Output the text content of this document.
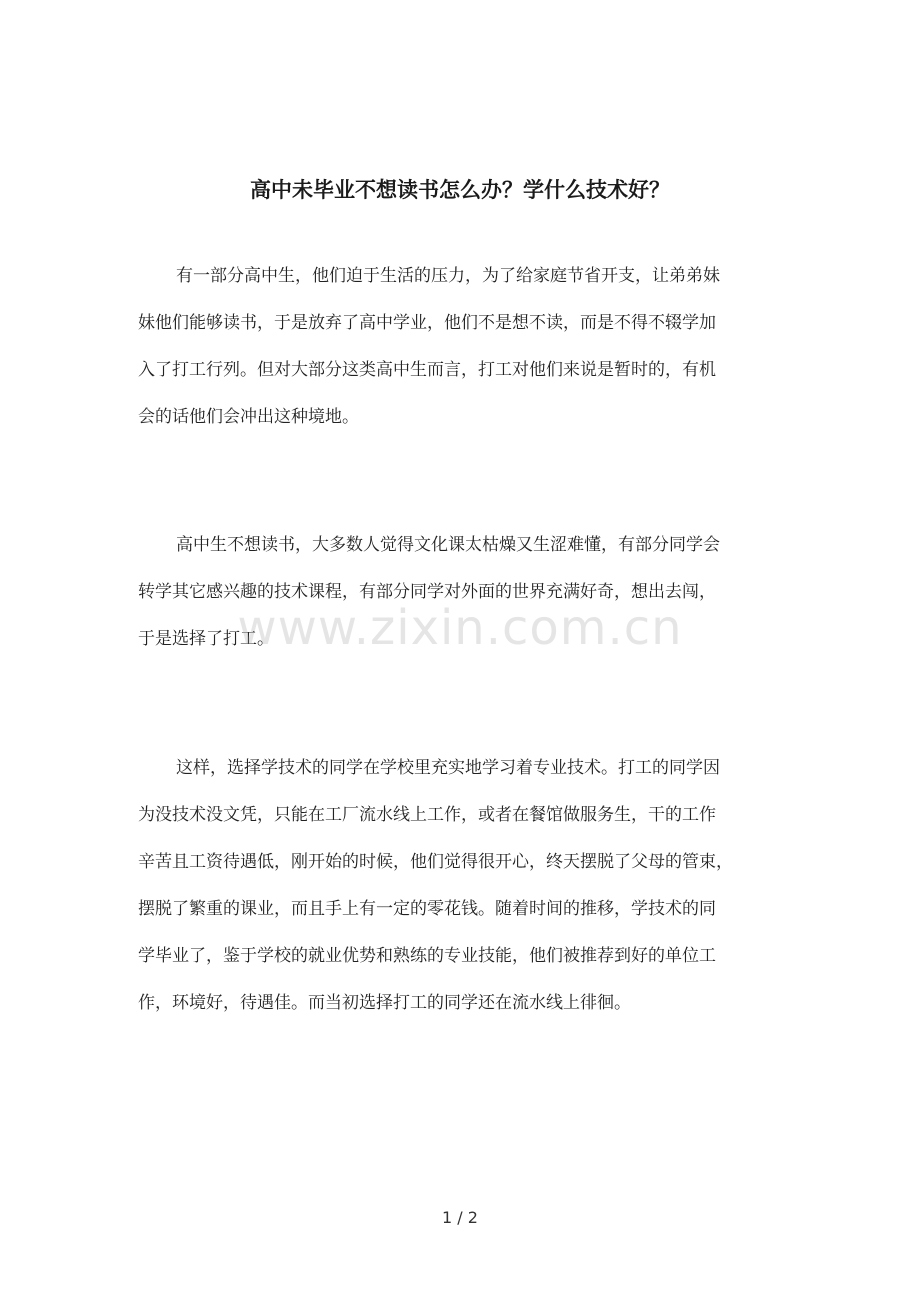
高中未毕业不想读书怎么办？学什么技术好？
有一部分高中生，他们迫于生活的压力，为了给家庭节省开支，让弟弟妹
妹他们能够读书，于是放弃了高中学业，他们不是想不读，而是不得不辍学加
入了打工行列。但对大部分这类高中生而言，打工对他们来说是暂时的，有机
会的话他们会冲出这种境地。
高中生不想读书，大多数人觉得文化课太枯燥又生涩难懂，有部分同学会
转学其它感兴趣的技术课程，有部分同学对外面的世界充满好奇，想出去闯，
于是选择了打工。
这样，选择学技术的同学在学校里充实地学习着专业技术。打工的同学因
为没技术没文凭，只能在工厂流水线上工作，或者在餐馆做服务生，干的工作
辛苦且工资待遇低，刚开始的时候，他们觉得很开心，终天摆脱了父母的管束，
摆脱了繁重的课业，而且手上有一定的零花钱。随着时间的推移，学技术的同
学毕业了，鉴于学校的就业优势和熟练的专业技能，他们被推荐到好的单位工
作，环境好，待遇佳。而当初选择打工的同学还在流水线上徘徊。
www.zixin.com.cn
1 / 2
